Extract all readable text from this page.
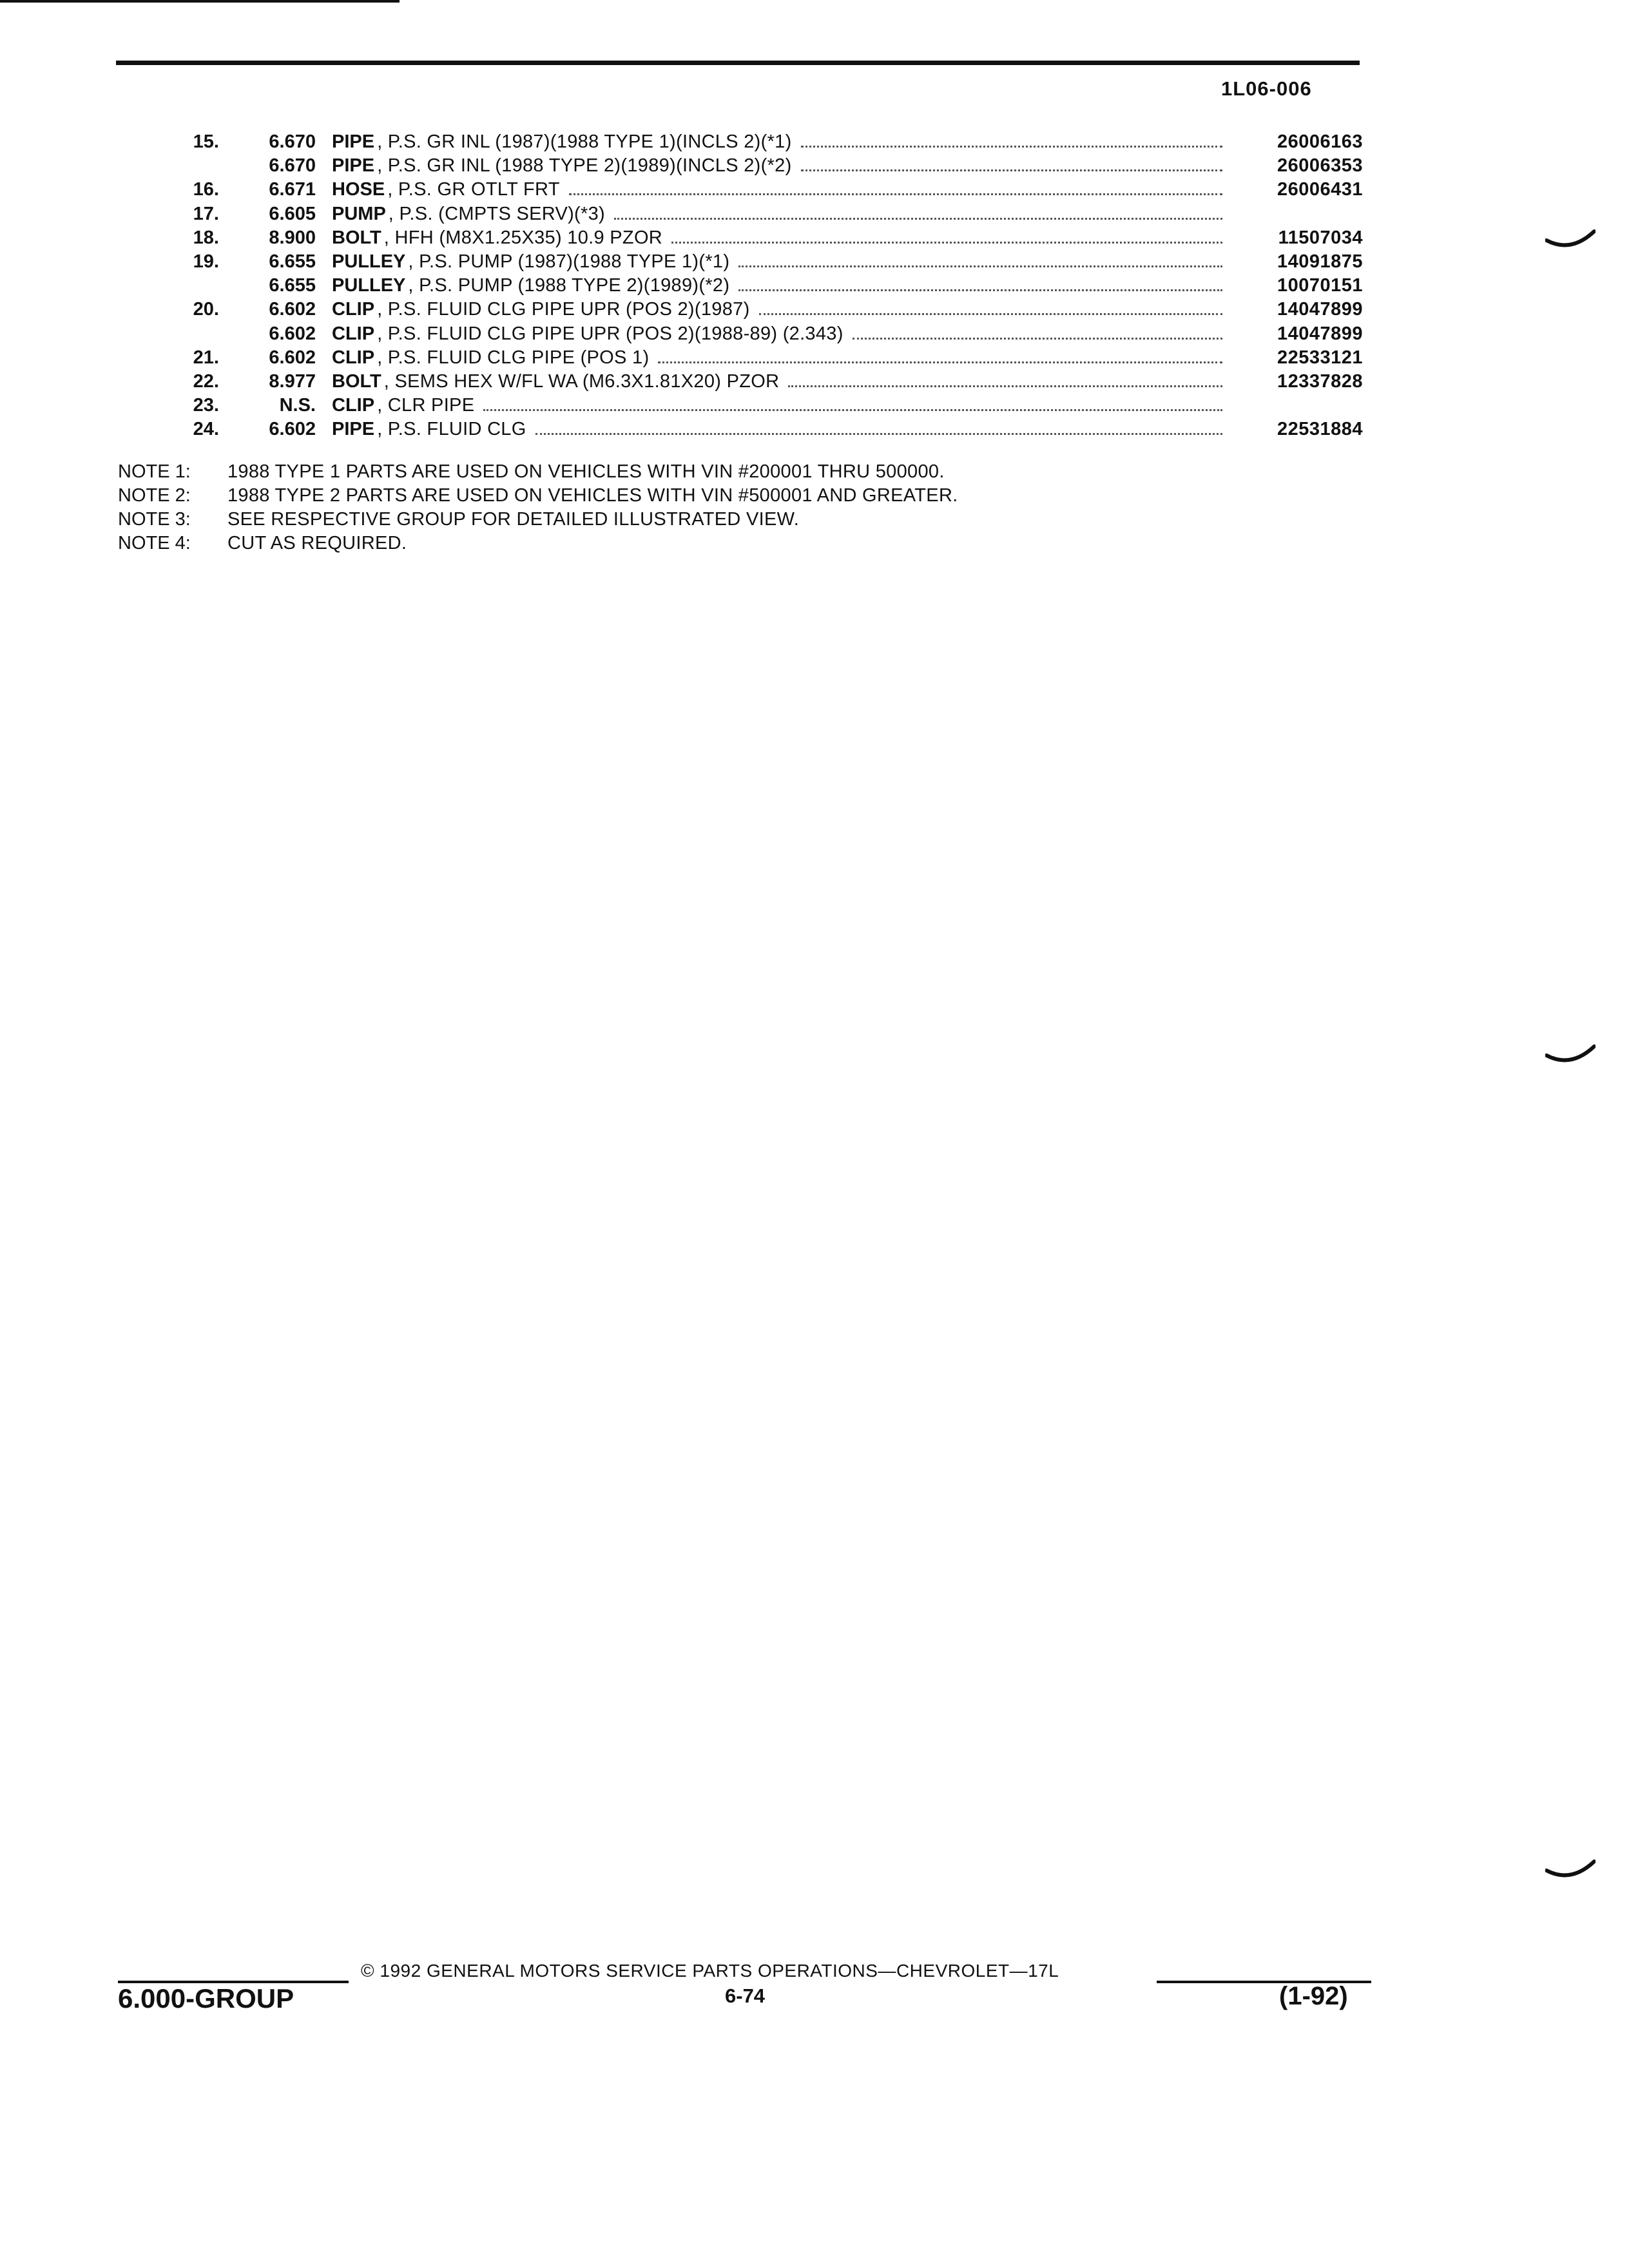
1L06-006
15.	6.670 PIPE , P.S. GR INL (1987)(1988 TYPE 1)(INCLS 2)(*1)	26006163
6.670 PIPE , P.S. GR INL (1988 TYPE 2)(1989)(INCLS 2)(*2)	26006353
16.	6.671 HOSE , P.S. GR OTLT FRT	26006431
17.	6.605 PUMP , P.S. (CMPTS SERV)(*3)
18.	8.900 BOLT , HFH (M8X1.25X35) 10.9 PZOR	11507034
19.	6.655 PULLEY , P.S. PUMP (1987)(1988 TYPE 1)(*1)	14091875
6.655 PULLEY , P.S. PUMP (1988 TYPE 2)(1989)(*2)	10070151
20.	6.602 CLIP , P.S. FLUID CLG PIPE UPR (POS 2)(1987)	14047899
6.602 CLIP , P.S. FLUID CLG PIPE UPR (POS 2)(1988-89) (2.343)	14047899
21.	6.602 CLIP , P.S. FLUID CLG PIPE (POS 1)	22533121
22.	8.977 BOLT , SEMS HEX W/FL WA (M6.3X1.81X20) PZOR	12337828
23.	N.S. CLIP , CLR PIPE
24.	6.602 PIPE , P.S. FLUID CLG	22531884
NOTE 1:	1988 TYPE 1 PARTS ARE USED ON VEHICLES WITH VIN #200001 THRU 500000.
NOTE 2:	1988 TYPE 2 PARTS ARE USED ON VEHICLES WITH VIN #500001 AND GREATER.
NOTE 3:	SEE RESPECTIVE GROUP FOR DETAILED ILLUSTRATED VIEW.
NOTE 4:	CUT AS REQUIRED.
© 1992 GENERAL MOTORS SERVICE PARTS OPERATIONS—CHEVROLET—17L
6.000-GROUP	6-74	(1-92)
